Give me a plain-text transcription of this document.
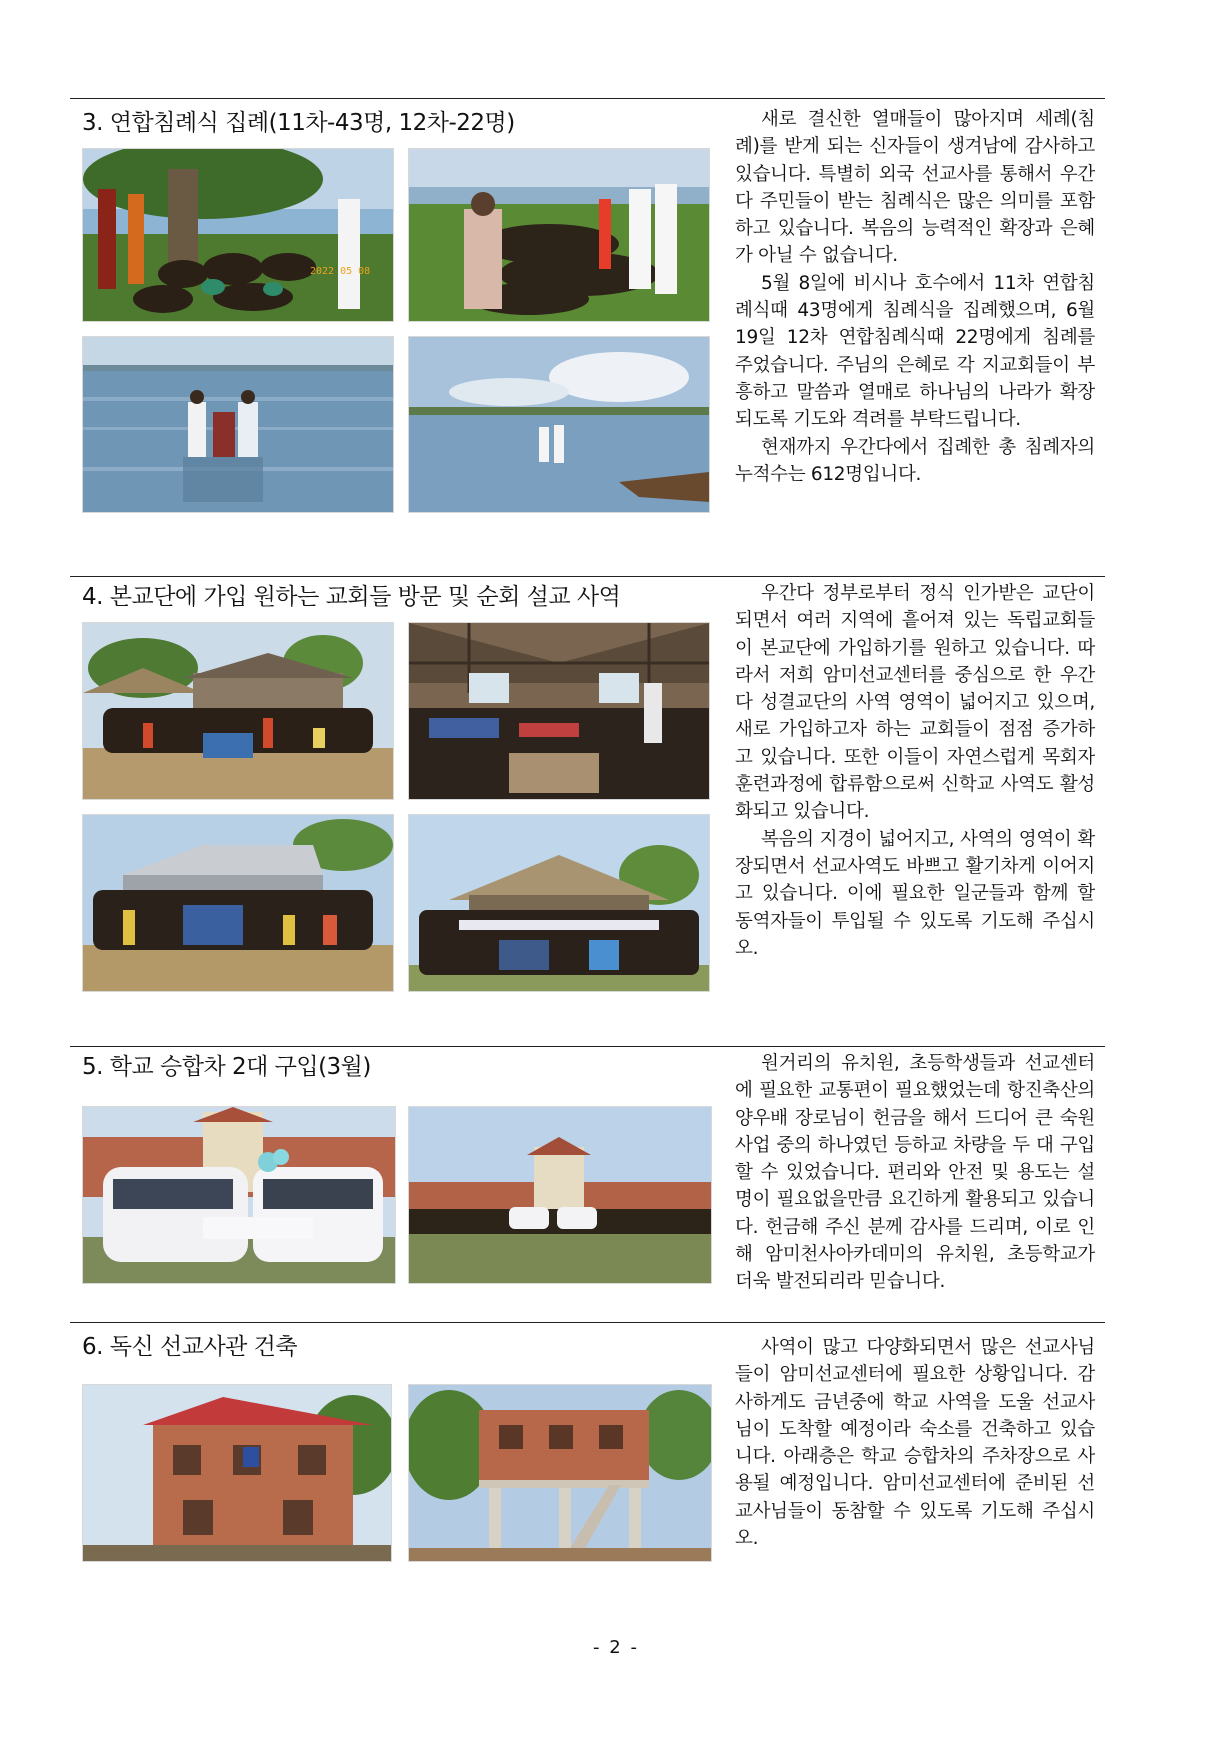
3. 연합침례식 집례(11차-43명, 12차-22명)
2022 05 08

새로 결신한 열매들이 많아지며 세례(침례)를 받게 되는 신자들이 생겨남에 감사하고 있습니다. 특별히 외국 선교사를 통해서 우간다 주민들이 받는 침례식은 많은 의미를 포함하고 있습니다. 복음의 능력적인 확장과 은혜가 아닐 수 없습니다.

5월 8일에 비시나 호수에서 11차 연합침례식때 43명에게 침례식을 집례했으며, 6월 19일 12차 연합침례식때 22명에게 침례를 주었습니다. 주님의 은혜로 각 지교회들이 부흥하고 말씀과 열매로 하나님의 나라가 확장되도록 기도와 격려를 부탁드립니다.

현재까지 우간다에서 집례한 총 침례자의 누적수는 612명입니다.

4. 본교단에 가입 원하는 교회들 방문 및 순회 설교 사역	우간다 정부로부터 정식 인가받은 교단이 되면서 여러 지역에 흩어져 있는 독립교회들이 본교단에 가입하기를 원하고 있습니다. 따라서 저희 암미선교센터를 중심으로 한 우간다 성결교단의 사역 영역이 넓어지고 있으며, 새로 가입하고자 하는 교회들이 점점 증가하고 있습니다. 또한 이들이 자연스럽게 목회자 훈련과정에 합류함으로써 신학교 사역도 활성화되고 있습니다.

복음의 지경이 넓어지고, 사역의 영역이 확장되면서 선교사역도 바쁘고 활기차게 이어지고 있습니다. 이에 필요한 일군들과 함께 할 동역자들이 투입될 수 있도록 기도해 주십시오.

5. 학교 승합차 2대 구입(3월)	원거리의 유치원, 초등학생들과 선교센터에 필요한 교통편이 필요했었는데 항진축산의 양우배 장로님이 헌금을 해서 드디어 큰 숙원사업 중의 하나였던 등하교 차량을 두 대 구입할 수 있었습니다. 편리와 안전 및 용도는 설명이 필요없을만큼 요긴하게 활용되고 있습니다. 헌금해 주신 분께 감사를 드리며, 이로 인해 암미천사아카데미의 유치원, 초등학교가 더욱 발전되리라 믿습니다.

6. 독신 선교사관 건축	사역이 많고 다양화되면서 많은 선교사님들이 암미선교센터에 필요한 상황입니다. 감사하게도 금년중에 학교 사역을 도울 선교사님이 도착할 예정이라 숙소를 건축하고 있습니다. 아래층은 학교 승합차의 주차장으로 사용될 예정입니다. 암미선교센터에 준비된 선교사님들이 동참할 수 있도록 기도해 주십시오.

- 2 -
